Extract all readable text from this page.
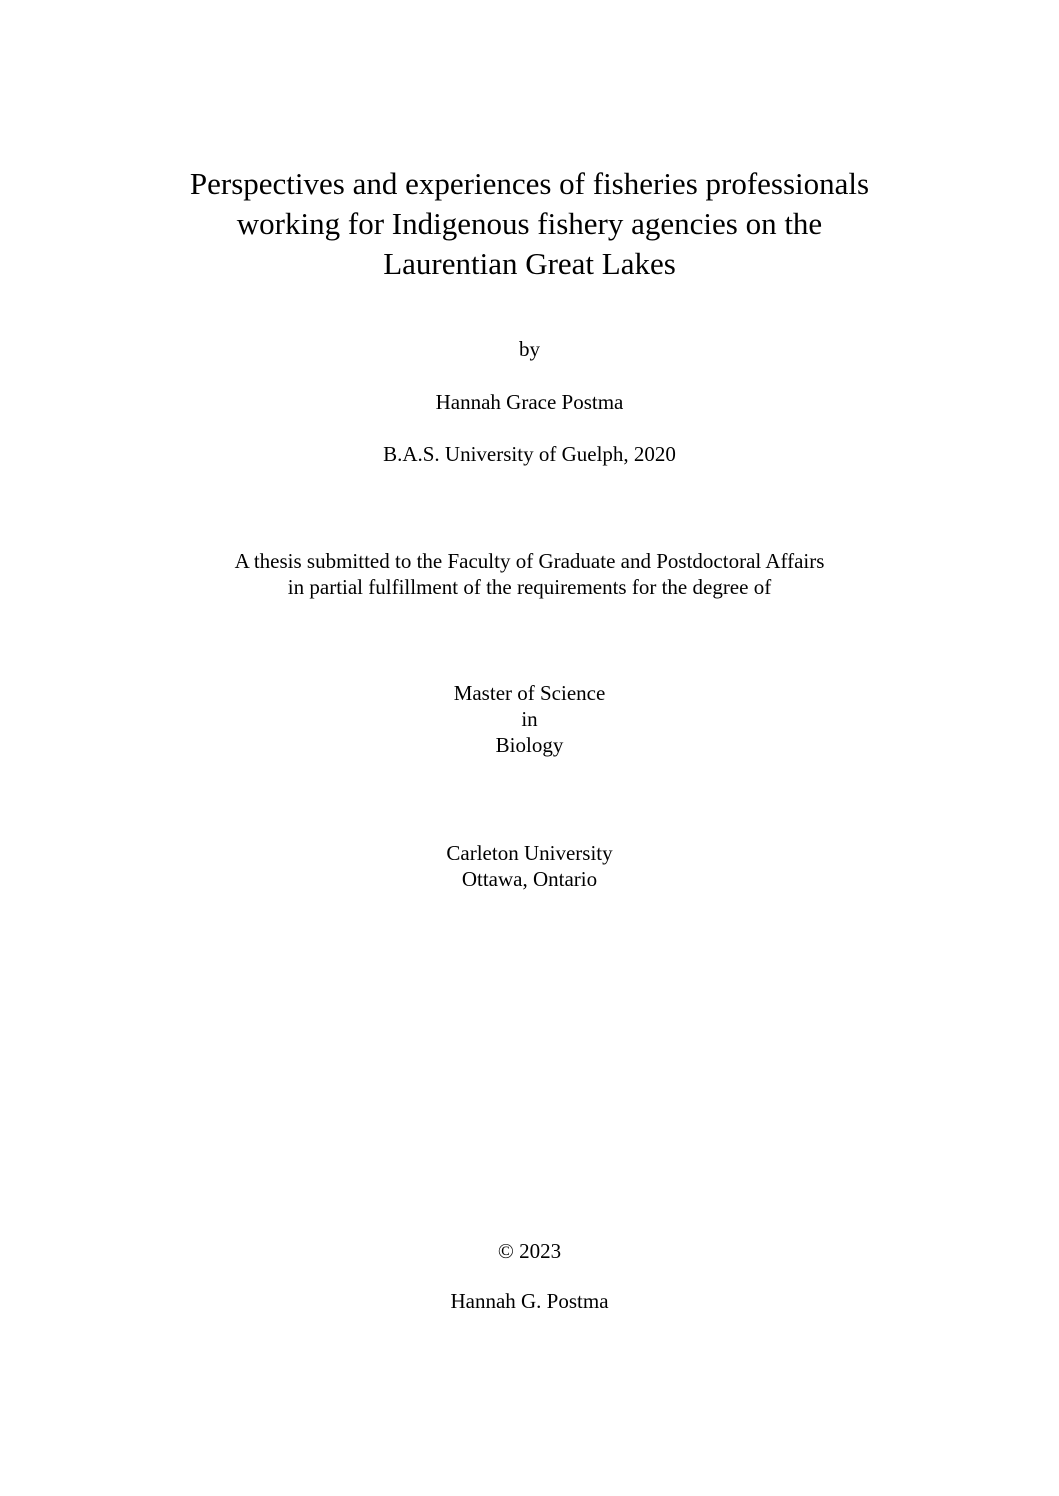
Perspectives and experiences of fisheries professionals
working for Indigenous fishery agencies on the
Laurentian Great Lakes

by

Hannah Grace Postma

B.A.S. University of Guelph, 2020

A thesis submitted to the Faculty of Graduate and Postdoctoral Affairs
in partial fulfillment of the requirements for the degree of
Master of Science
in
Biology
Carleton University
Ottawa, Ontario

© 2023

Hannah G. Postma
